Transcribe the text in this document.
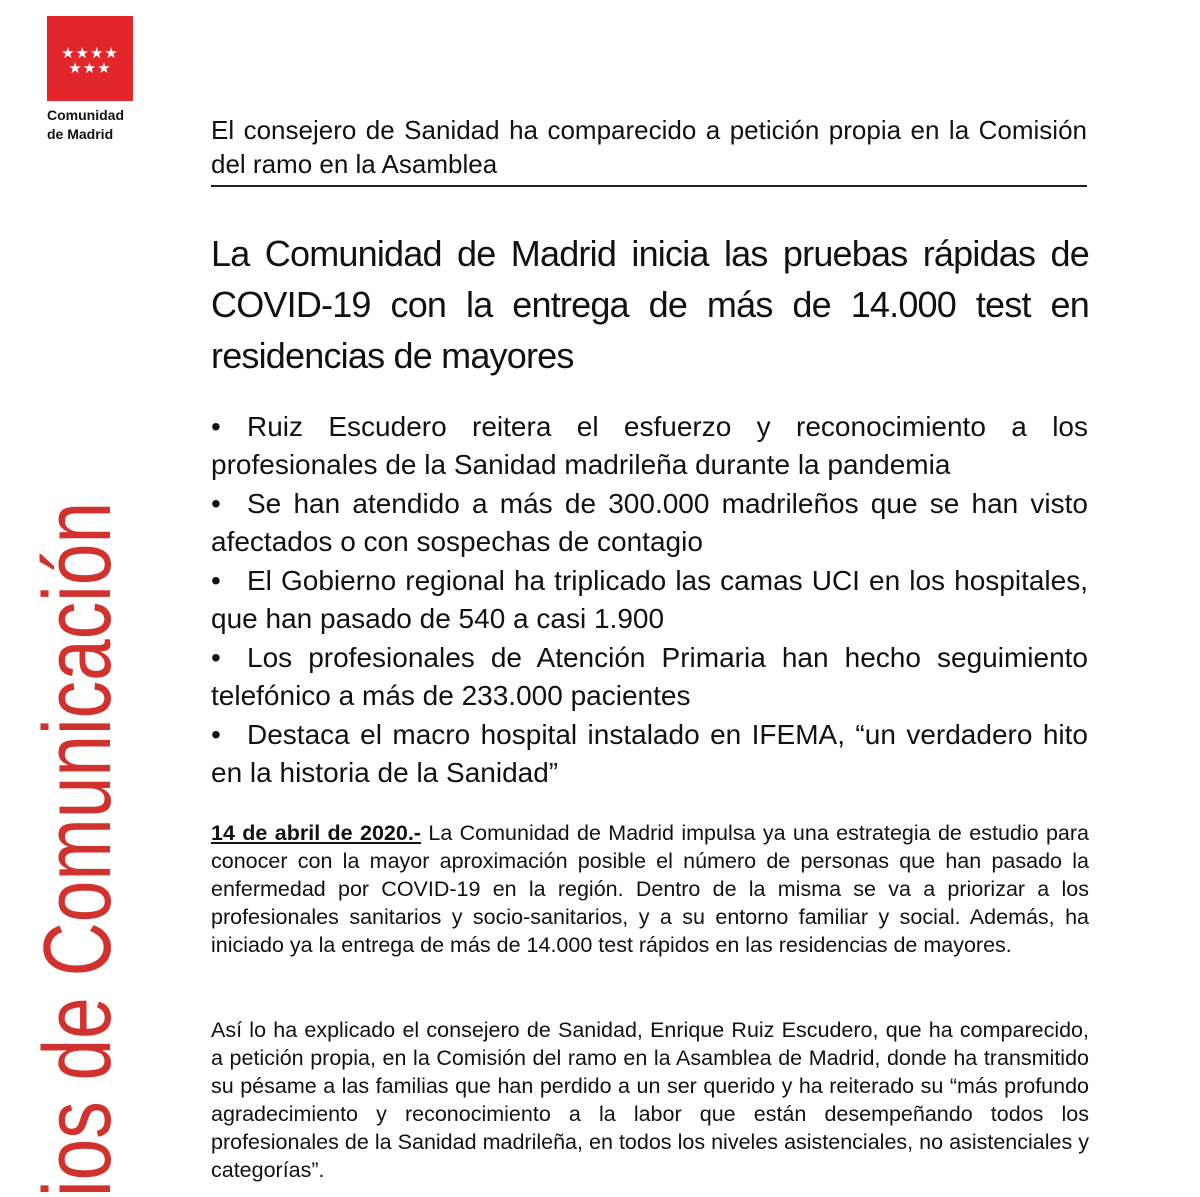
★★★★
★★★
Comunidad
de Madrid
ios de Comunicación
El consejero de Sanidad ha comparecido a petición propia en la Comisión del ramo en la Asamblea
La Comunidad de Madrid inicia las pruebas rápidas de COVID-19 con la entrega de más de 14.000 test en residencias de mayores
• Ruiz Escudero reitera el esfuerzo y reconocimiento a los profesionales de la Sanidad madrileña durante la pandemia
• Se han atendido a más de 300.000 madrileños que se han visto afectados o con sospechas de contagio
• El Gobierno regional ha triplicado las camas UCI en los hospitales, que han pasado de 540 a casi 1.900
• Los profesionales de Atención Primaria han hecho seguimiento telefónico a más de 233.000 pacientes
• Destaca el macro hospital instalado en IFEMA, “un verdadero hito en la historia de la Sanidad”
14 de abril de 2020.- La Comunidad de Madrid impulsa ya una estrategia de estudio para conocer con la mayor aproximación posible el número de personas que han pasado la enfermedad por COVID-19 en la región. Dentro de la misma se va a priorizar a los profesionales sanitarios y socio-sanitarios, y a su entorno familiar y social. Además, ha iniciado ya la entrega de más de 14.000 test rápidos en las residencias de mayores.
Así lo ha explicado el consejero de Sanidad, Enrique Ruiz Escudero, que ha comparecido, a petición propia, en la Comisión del ramo en la Asamblea de Madrid, donde ha transmitido su pésame a las familias que han perdido a un ser querido y ha reiterado su “más profundo agradecimiento y reconocimiento a la labor que están desempeñando todos los profesionales de la Sanidad madrileña, en todos los niveles asistenciales, no asistenciales y categorías”.
